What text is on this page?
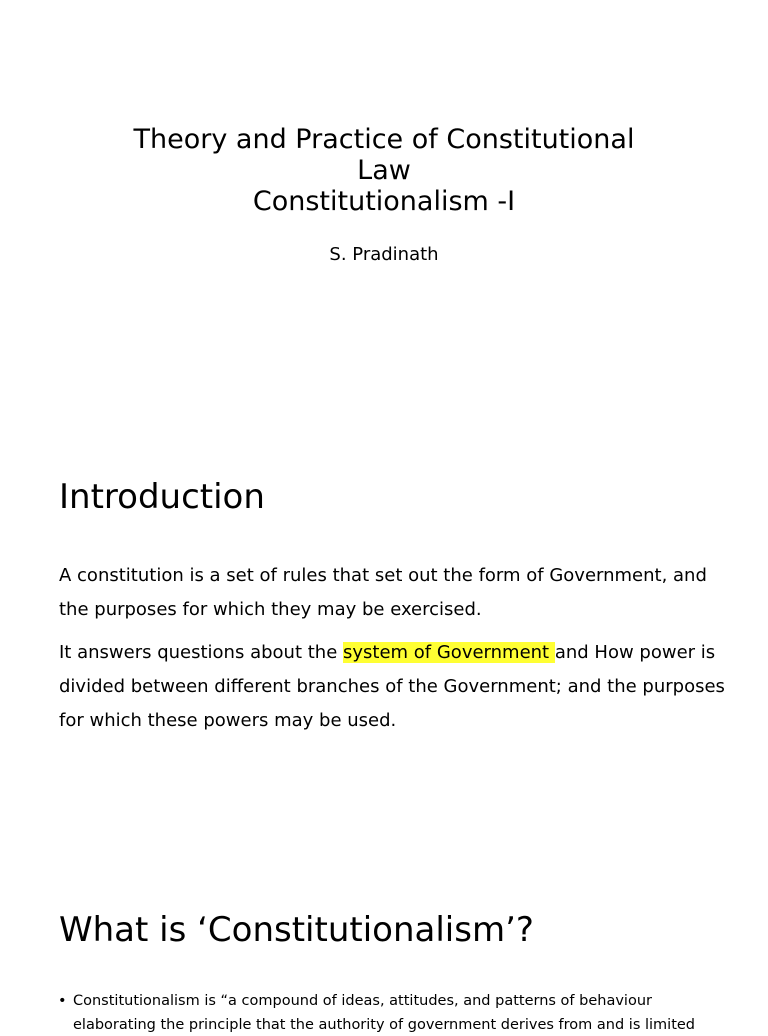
Theory and Practice of Constitutional
Law
Constitutionalism -I
S. Pradinath
Introduction

A constitution is a set of rules that set out the form of Government, and the purposes for which they may be exercised.

It answers questions about the system of Government and How power is divided between different branches of the Government; and the purposes for which these powers may be used.

What is ‘Constitutionalism’?
• Constitutionalism is “a compound of ideas, attitudes, and patterns of behaviour
elaborating the principle that the authority of government derives from and is limited
